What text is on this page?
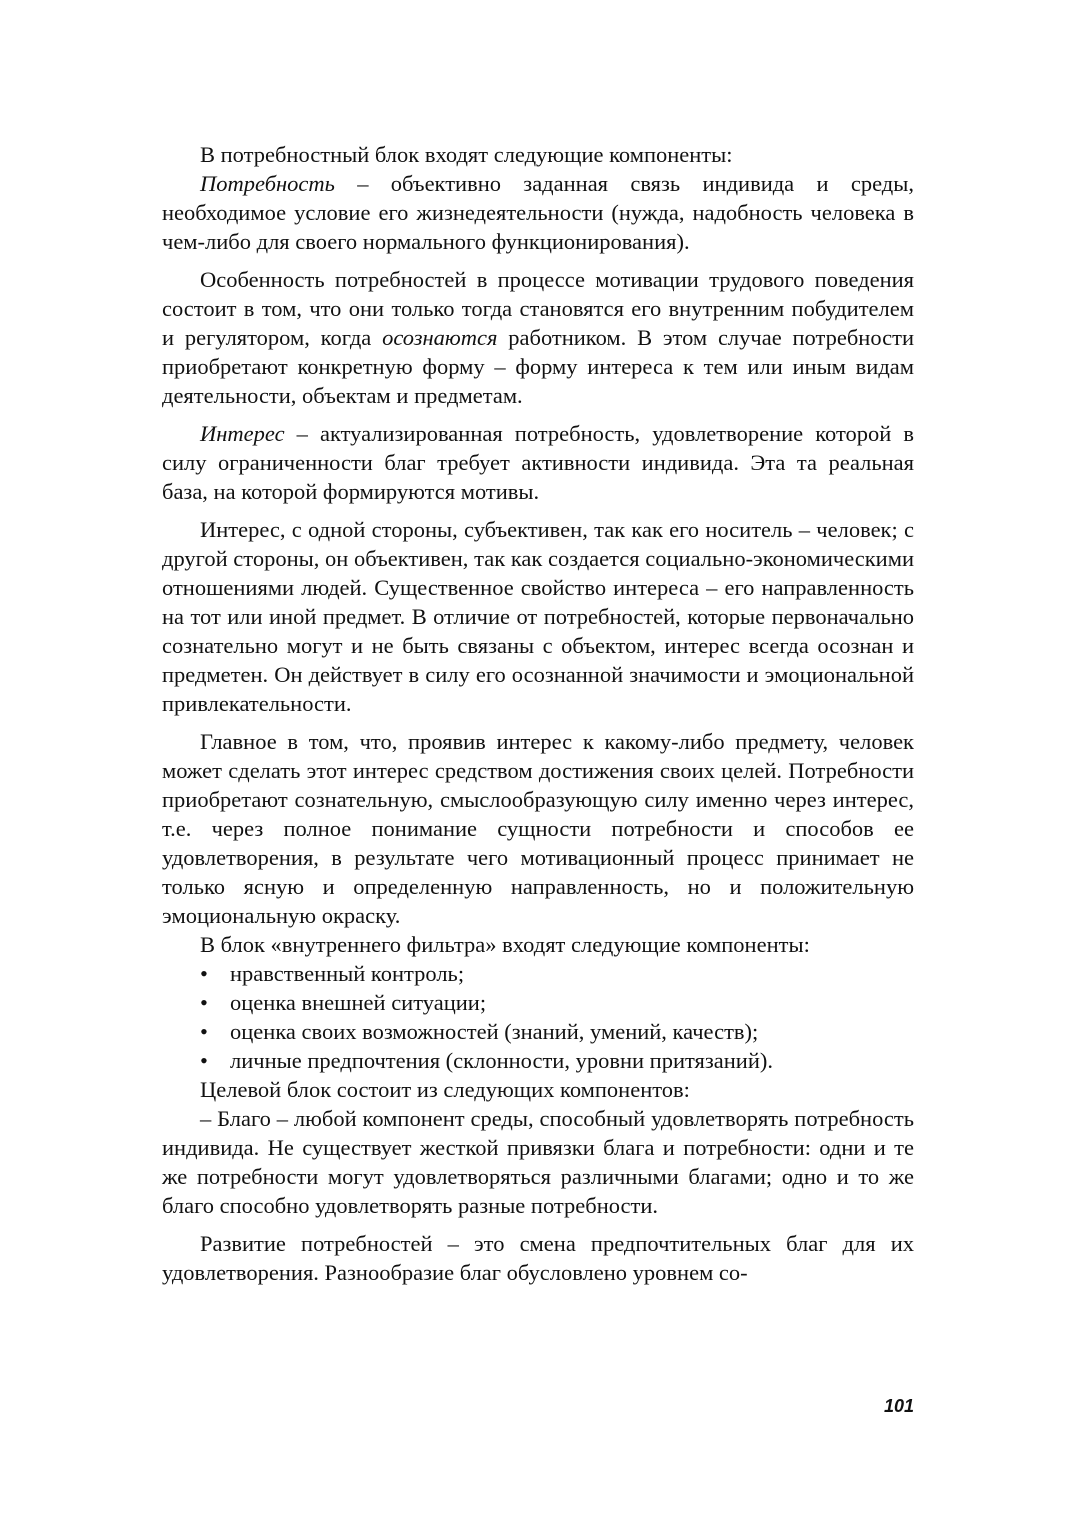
В потребностный блок входят следующие компоненты:

Потребность – объективно заданная связь индивида и среды, необходимое условие его жизнедеятельности (нужда, надобность человека в чем-либо для своего нормального функционирования).

Особенность потребностей в процессе мотивации трудового поведения состоит в том, что они только тогда становятся его внутренним побудителем и регулятором, когда осознаются работником. В этом случае потребности приобретают конкретную форму – форму интереса к тем или иным видам деятельности, объектам и предметам.

Интерес – актуализированная потребность, удовлетворение которой в силу ограниченности благ требует активности индивида. Эта та реальная база, на которой формируются мотивы.

Интерес, с одной стороны, субъективен, так как его носитель – человек; с другой стороны, он объективен, так как создается социально-экономическими отношениями людей. Существенное свойство интереса – его направленность на тот или иной предмет. В отличие от потребностей, которые первоначально сознательно могут и не быть связаны с объектом, интерес всегда осознан и предметен. Он действует в силу его осознанной значимости и эмоциональной привлекательности.

Главное в том, что, проявив интерес к какому-либо предмету, человек может сделать этот интерес средством достижения своих целей. Потребности приобретают сознательную, смыслообразующую силу именно через интерес, т.е. через полное понимание сущности потребности и способов ее удовлетворения, в результате чего мотивационный процесс принимает не только ясную и определенную направленность, но и положительную эмоциональную окраску.

В блок «внутреннего фильтра» входят следующие компоненты:

• нравственный контроль;
• оценка внешней ситуации;
• оценка своих возможностей (знаний, умений, качеств);
• личные предпочтения (склонности, уровни притязаний).

Целевой блок состоит из следующих компонентов:

– Благо – любой компонент среды, способный удовлетворять потребность индивида. Не существует жесткой привязки блага и потребности: одни и те же потребности могут удовлетворяться различными благами; одно и то же благо способно удовлетворять разные потребности.

Развитие потребностей – это смена предпочтительных благ для их удовлетворения. Разнообразие благ обусловлено уровнем со-

101
